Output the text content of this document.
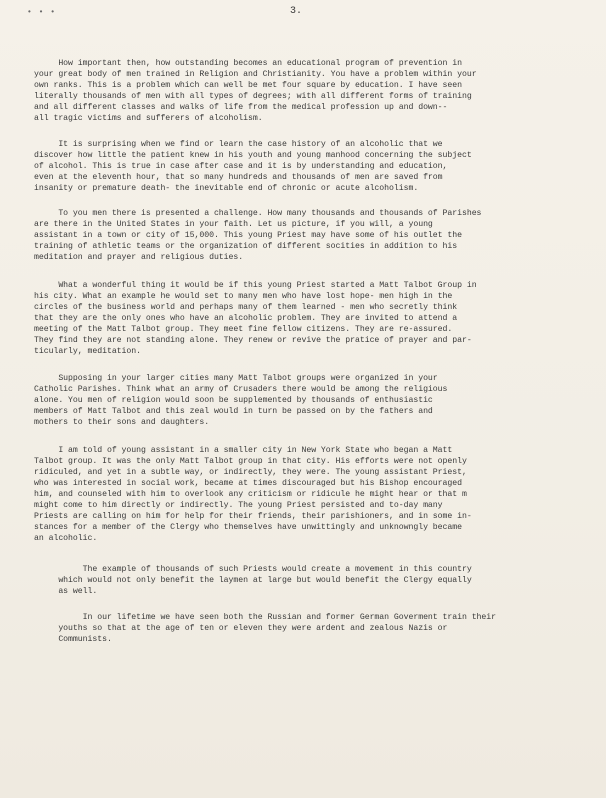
• • •	3.
How important then, how outstanding becomes an educational program of prevention in
your great body of men trained in Religion and Christianity. You have a problem within your
own ranks. This is a problem which can well be met four square by education. I have seen
literally thousands of men with all types of degrees; with all different forms of training
and all different classes and walks of life from the medical profession up and down--
all tragic victims and sufferers of alcoholism.
It is surprising when we find or learn the case history of an alcoholic that we
discover how little the patient knew in his youth and young manhood concerning the subject
of alcohol. This is true in case after case and it is by understanding and education,
even at the eleventh hour, that so many hundreds and thousands of men are saved from
insanity or premature death- the inevitable end of chronic or acute alcoholism.
To you men there is presented a challenge. How many thousands and thousands of Parishes
are there in the United States in your faith. Let us picture, if you will, a young
assistant in a town or city of 15,000. This young Priest may have some of his outlet the
training of athletic teams or the organization of different socities in addition to his
meditation and prayer and religious duties.
What a wonderful thing it would be if this young Priest started a Matt Talbot Group in
his city. What an example he would set to many men who have lost hope- men high in the
circles of the business world and perhaps many of them learned - men who secretly think
that they are the only ones who have an alcoholic problem. They are invited to attend a
meeting of the Matt Talbot group. They meet fine fellow citizens. They are re-assured.
They find they are not standing alone. They renew or revive the pratice of prayer and par-
ticularly, meditation.
Supposing in your larger cities many Matt Talbot groups were organized in your
Catholic Parishes. Think what an army of Crusaders there would be among the religious
alone. You men of religion would soon be supplemented by thousands of enthusiastic
members of Matt Talbot and this zeal would in turn be passed on by the fathers and
mothers to their sons and daughters.
I am told of young assistant in a smaller city in New York State who began a Matt
Talbot group. It was the only Matt Talbot group in that city. His efforts were not openly
ridiculed, and yet in a subtle way, or indirectly, they were. The young assistant Priest,
who was interested in social work, became at times discouraged but his Bishop encouraged
him, and counseled with him to overlook any criticism or ridicule he might hear or that m
might come to him directly or indirectly. The young Priest persisted and to-day many
Priests are calling on him for help for their friends, their parishioners, and in some in-
stances for a member of the Clergy who themselves have unwittingly and unknowngly became
an alcoholic.
The example of thousands of such Priests would create a movement in this country
which would not only benefit the laymen at large but would benefit the Clergy equally
as well.
In our lifetime we have seen both the Russian and former German Goverment train their
youths so that at the age of ten or eleven they were ardent and zealous Nazis or
Communists.
